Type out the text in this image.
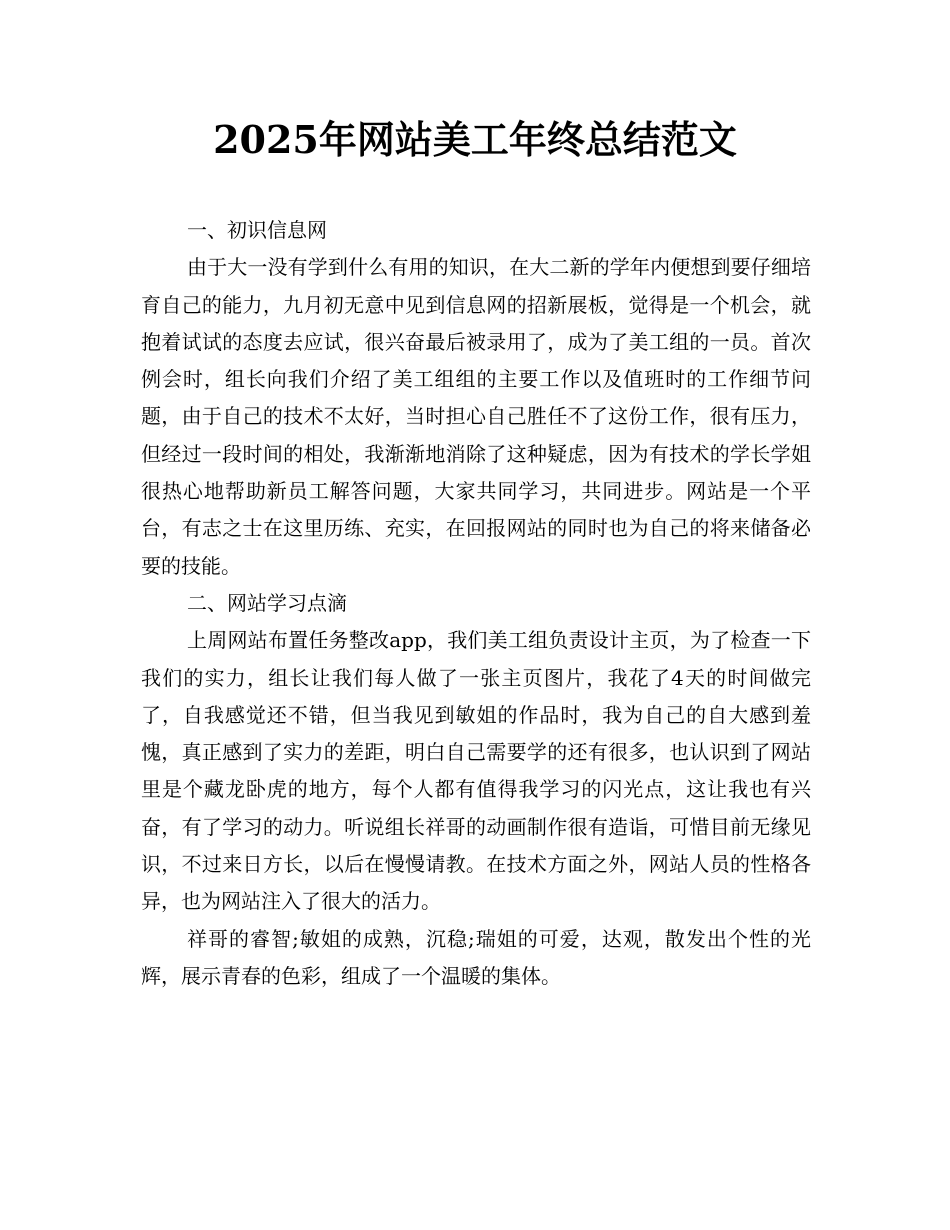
2025年网站美工年终总结范文

一、初识信息网

由于大一没有学到什么有用的知识，在大二新的学年内便想到要仔细培育自己的能力，九月初无意中见到信息网的招新展板，觉得是一个机会，就抱着试试的态度去应试，很兴奋最后被录用了，成为了美工组的一员。首次例会时，组长向我们介绍了美工组组的主要工作以及值班时的工作细节问题，由于自己的技术不太好，当时担心自己胜任不了这份工作，很有压力，但经过一段时间的相处，我渐渐地消除了这种疑虑，因为有技术的学长学姐很热心地帮助新员工解答问题，大家共同学习，共同进步。网站是一个平台，有志之士在这里历练、充实，在回报网站的同时也为自己的将来储备必要的技能。

二、网站学习点滴

上周网站布置任务整改app，我们美工组负责设计主页，为了检查一下我们的实力，组长让我们每人做了一张主页图片，我花了4天的时间做完了，自我感觉还不错，但当我见到敏姐的作品时，我为自己的自大感到羞愧，真正感到了实力的差距，明白自己需要学的还有很多，也认识到了网站里是个藏龙卧虎的地方，每个人都有值得我学习的闪光点，这让我也有兴奋，有了学习的动力。听说组长祥哥的动画制作很有造诣，可惜目前无缘见识，不过来日方长，以后在慢慢请教。在技术方面之外，网站人员的性格各异，也为网站注入了很大的活力。

祥哥的睿智;敏姐的成熟，沉稳;瑞姐的可爱，达观，散发出个性的光辉，展示青春的色彩，组成了一个温暖的集体。
